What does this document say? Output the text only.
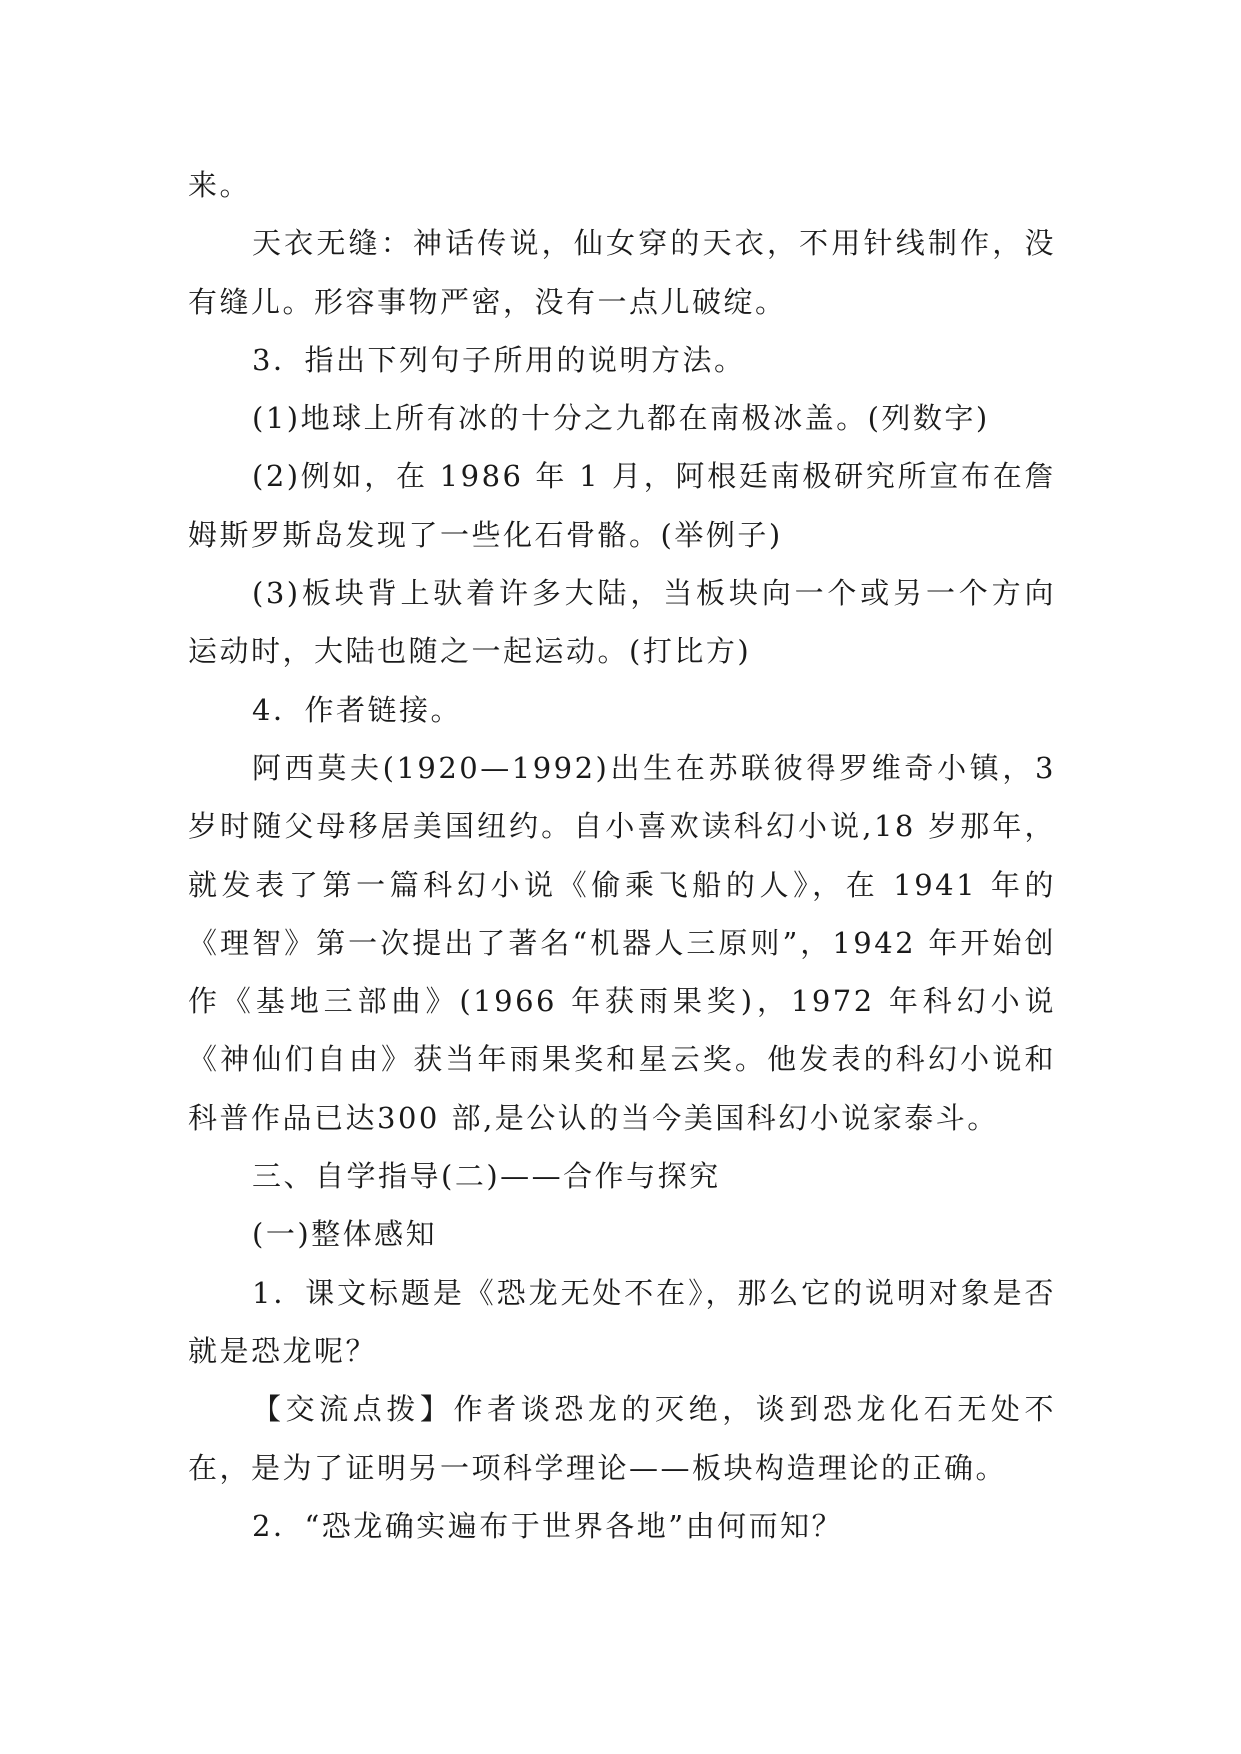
来。

天衣无缝：神话传说，仙女穿的天衣，不用针线制作，没有缝儿。形容事物严密，没有一点儿破绽。

3．指出下列句子所用的说明方法。

(1)地球上所有冰的十分之九都在南极冰盖。(列数字)

(2)例如，在 1986 年 1 月，阿根廷南极研究所宣布在詹姆斯罗斯岛发现了一些化石骨骼。(举例子)

(3)板块背上驮着许多大陆，当板块向一个或另一个方向运动时，大陆也随之一起运动。(打比方)

4．作者链接。

阿西莫夫(1920—1992)出生在苏联彼得罗维奇小镇，3 岁时随父母移居美国纽约。自小喜欢读科幻小说,18 岁那年，就发表了第一篇科幻小说《偷乘飞船的人》，在 1941 年的《理智》第一次提出了著名“机器人三原则”，1942 年开始创作《基地三部曲》(1966 年获雨果奖)，1972 年科幻小说《神仙们自由》获当年雨果奖和星云奖。他发表的科幻小说和科普作品已达300 部,是公认的当今美国科幻小说家泰斗。

三、自学指导(二)——合作与探究

(一)整体感知

1．课文标题是《恐龙无处不在》，那么它的说明对象是否就是恐龙呢？

【交流点拨】作者谈恐龙的灭绝，谈到恐龙化石无处不在，是为了证明另一项科学理论——板块构造理论的正确。

2．“恐龙确实遍布于世界各地”由何而知？
